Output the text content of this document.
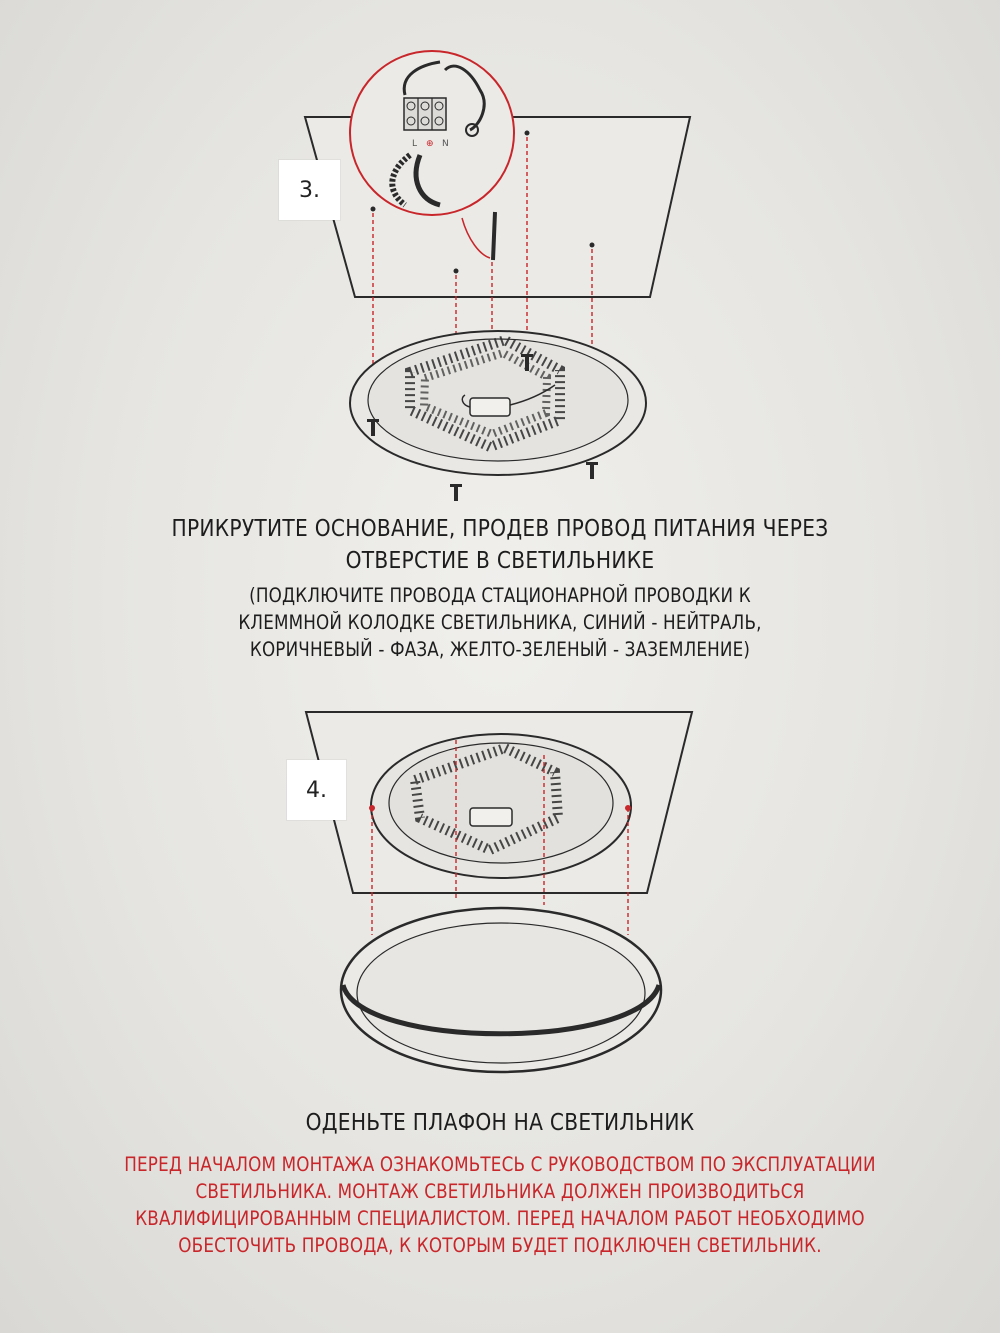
L ⊕ N
3.

ПРИКРУТИТЕ ОСНОВАНИЕ, ПРОДЕВ ПРОВОД ПИТАНИЯ ЧЕРЕЗ

ОТВЕРСТИЕ В СВЕТИЛЬНИКЕ

(ПОДКЛЮЧИТЕ ПРОВОДА СТАЦИОНАРНОЙ ПРОВОДКИ К

КЛЕММНОЙ КОЛОДКЕ СВЕТИЛЬНИКА, СИНИЙ - НЕЙТРАЛЬ,

КОРИЧНЕВЫЙ - ФАЗА, ЖЕЛТО-ЗЕЛЕНЫЙ - ЗАЗЕМЛЕНИЕ)

4.

ОДЕНЬТЕ ПЛАФОН НА СВЕТИЛЬНИК

ПЕРЕД НАЧАЛОМ МОНТАЖА ОЗНАКОМЬТЕСЬ С РУКОВОДСТВОМ ПО ЭКСПЛУАТАЦИИ

СВЕТИЛЬНИКА. МОНТАЖ СВЕТИЛЬНИКА ДОЛЖЕН ПРОИЗВОДИТЬСЯ

КВАЛИФИЦИРОВАННЫМ СПЕЦИАЛИСТОМ. ПЕРЕД НАЧАЛОМ РАБОТ НЕОБХОДИМО

ОБЕСТОЧИТЬ ПРОВОДА, К КОТОРЫМ БУДЕТ ПОДКЛЮЧЕН СВЕТИЛЬНИК.
